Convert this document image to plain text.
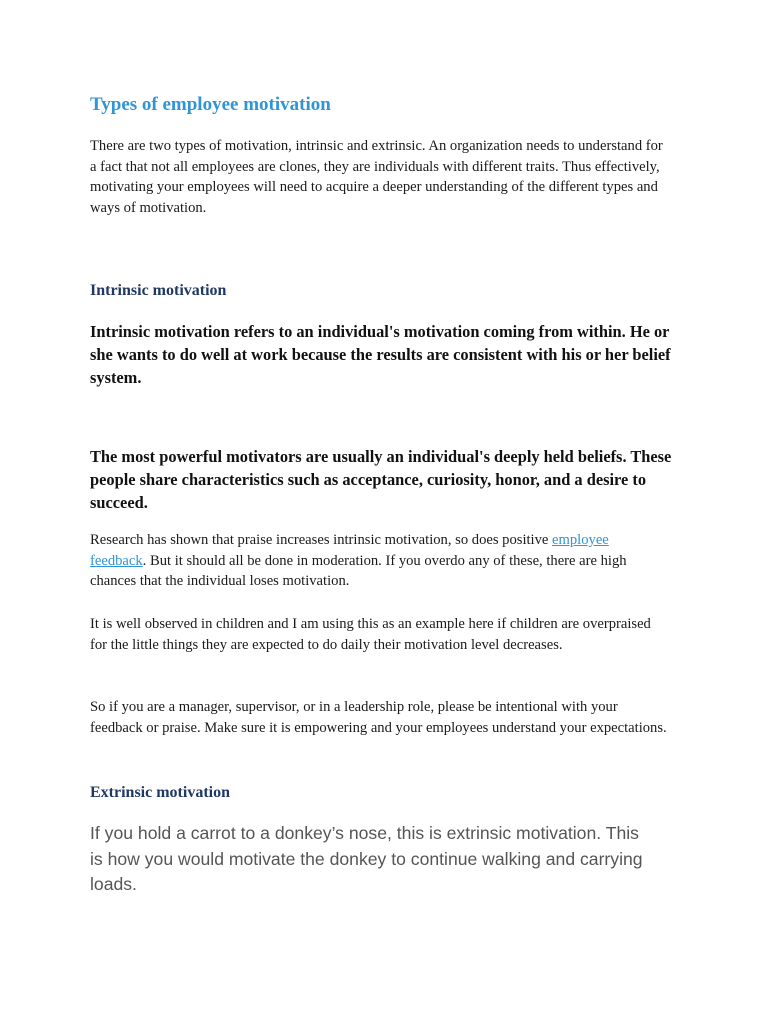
Types of employee motivation

There are two types of motivation, intrinsic and extrinsic. An organization needs to understand for a fact that not all employees are clones, they are individuals with different traits. Thus effectively, motivating your employees will need to acquire a deeper understanding of the different types and ways of motivation.

Intrinsic motivation

Intrinsic motivation refers to an individual's motivation coming from within. He or she wants to do well at work because the results are consistent with his or her belief system.

The most powerful motivators are usually an individual's deeply held beliefs. These people share characteristics such as acceptance, curiosity, honor, and a desire to succeed.

Research has shown that praise increases intrinsic motivation, so does positive employee feedback. But it should all be done in moderation. If you overdo any of these, there are high chances that the individual loses motivation.

It is well observed in children and I am using this as an example here if children are overpraised for the little things they are expected to do daily their motivation level decreases.

So if you are a manager, supervisor, or in a leadership role, please be intentional with your feedback or praise. Make sure it is empowering and your employees understand your expectations.

Extrinsic motivation

If you hold a carrot to a donkey’s nose, this is extrinsic motivation. This is how you would motivate the donkey to continue walking and carrying loads.
